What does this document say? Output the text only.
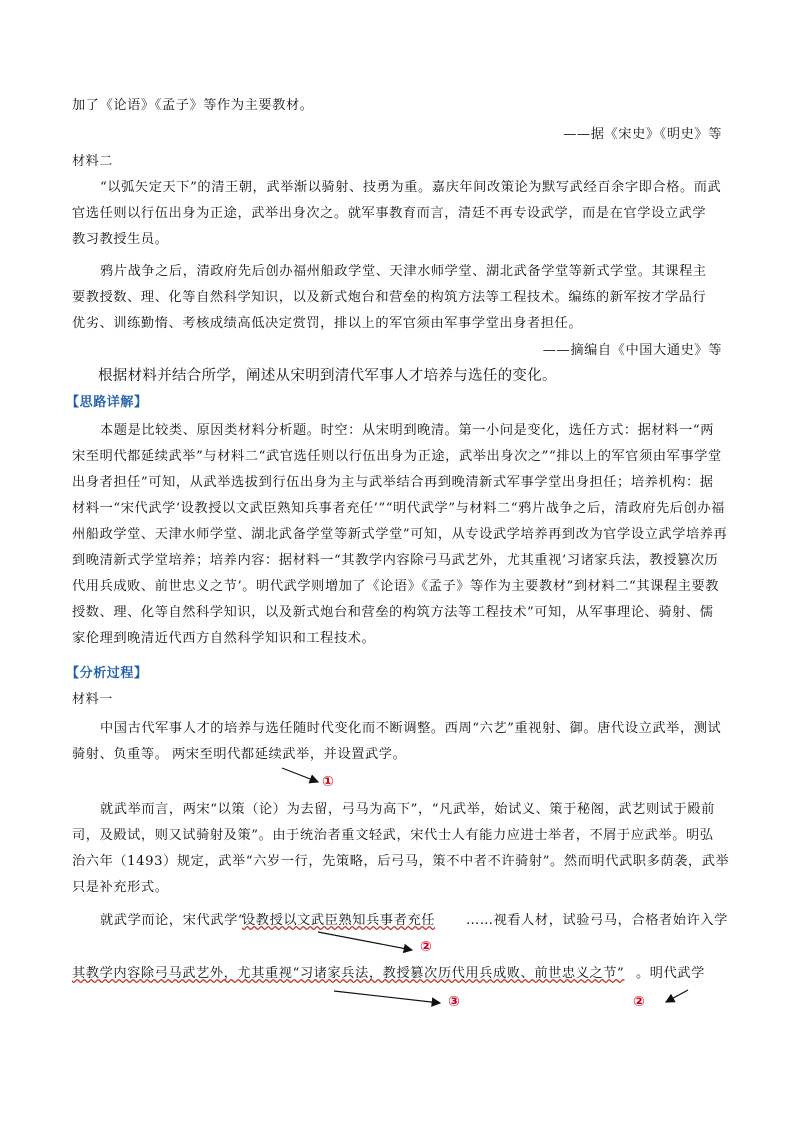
加了《论语》《孟子》等作为主要教材。
——据《宋史》《明史》等
材料二
“以弧矢定天下”的清王朝，武举渐以骑射、技勇为重。嘉庆年间改策论为默写武经百余字即合格。而武
官选任则以行伍出身为正途，武举出身次之。就军事教育而言，清廷不再专设武学，而是在官学设立武学
教习教授生员。
鸦片战争之后，清政府先后创办福州船政学堂、天津水师学堂、湖北武备学堂等新式学堂。其课程主
要教授数、理、化等自然科学知识，以及新式炮台和营垒的构筑方法等工程技术。编练的新军按才学品行
优劣、训练勤惰、考核成绩高低决定赏罚，排以上的军官须由军事学堂出身者担任。
——摘编自《中国大通史》等
根据材料并结合所学，阐述从宋明到清代军事人才培养与选任的变化。
【思路详解】
本题是比较类、原因类材料分析题。时空：从宋明到晚清。第一小问是变化，选任方式：据材料一“两
宋至明代都延续武举”与材料二“武官选任则以行伍出身为正途，武举出身次之”“排以上的军官须由军事学堂
出身者担任”可知，从武举选拔到行伍出身为主与武举结合再到晚清新式军事学堂出身担任；培养机构：据
材料一“宋代武学‘设教授以文武臣熟知兵事者充任’”“明代武学”与材料二“鸦片战争之后，清政府先后创办福
州船政学堂、天津水师学堂、湖北武备学堂等新式学堂”可知，从专设武学培养再到改为官学设立武学培养再
到晚清新式学堂培养；培养内容：据材料一“其教学内容除弓马武艺外，尤其重视‘习诸家兵法，教授篡次历
代用兵成败、前世忠义之节’。明代武学则增加了《论语》《孟子》等作为主要教材”到材料二“其课程主要教
授数、理、化等自然科学知识，以及新式炮台和营垒的构筑方法等工程技术”可知，从军事理论、骑射、儒
家伦理到晚清近代西方自然科学知识和工程技术。
【分析过程】
材料一
中国古代军事人才的培养与选任随时代变化而不断调整。西周“六艺”重视射、御。唐代设立武举，测试
骑射、负重等。 两宋至明代都延续武举，并设置武学。
就武举而言，两宋“以策（论）为去留，弓马为高下”，“凡武举，始试义、策于秘阁，武艺则试于殿前
司，及殿试，则又试骑射及策”。由于统治者重文轻武，宋代士人有能力应进士举者，不屑于应武举。明弘
治六年（1493）规定，武举“六岁一行，先策略，后弓马，策不中者不许骑射”。然而明代武职多荫袭，武举
只是补充形式。
就武学而论，宋代武学“
设教授以文武臣熟知兵事者充任 ……视看人材，试验弓马，合格者始许入学
其教学内容除弓马武艺外，尤其重视“习诸家兵法，教授篡次历代用兵成败、前世忠义之节” 。明代武学
①
②
③	②
